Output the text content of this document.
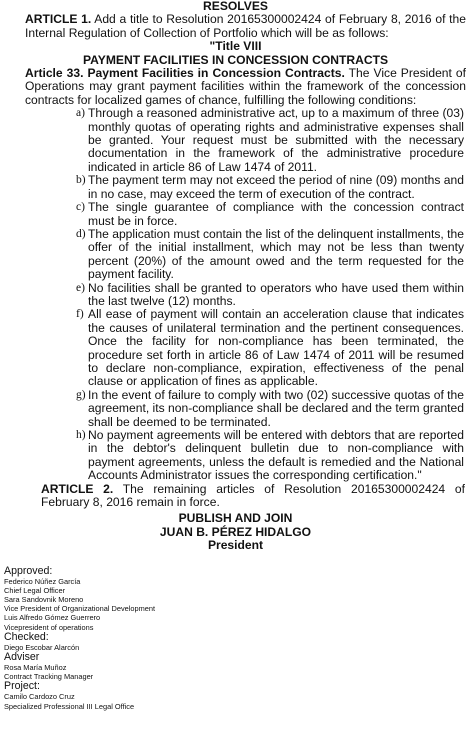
RESOLVES

ARTICLE 1. Add a title to Resolution 20165300002424 of February 8, 2016 of the Internal Regulation of Collection of Portfolio which will be as follows:

"Title VIII

PAYMENT FACILITIES IN CONCESSION CONTRACTS

Article 33. Payment Facilities in Concession Contracts. The Vice President of Operations may grant payment facilities within the framework of the concession contracts for localized games of chance, fulfilling the following conditions:

a) Through a reasoned administrative act, up to a maximum of three (03) monthly quotas of operating rights and administrative expenses shall be granted. Your request must be submitted with the necessary documentation in the framework of the administrative procedure indicated in article 86 of Law 1474 of 2011.
b) The payment term may not exceed the period of nine (09) months and in no case, may exceed the term of execution of the contract.
c) The single guarantee of compliance with the concession contract must be in force.
d) The application must contain the list of the delinquent installments, the offer of the initial installment, which may not be less than twenty percent (20%) of the amount owed and the term requested for the payment facility.
e) No facilities shall be granted to operators who have used them within the last twelve (12) months.
f) All ease of payment will contain an acceleration clause that indicates the causes of unilateral termination and the pertinent consequences. Once the facility for non-compliance has been terminated, the procedure set forth in article 86 of Law 1474 of 2011 will be resumed to declare non-compliance, expiration, effectiveness of the penal clause or application of fines as applicable.
g) In the event of failure to comply with two (02) successive quotas of the agreement, its non-compliance shall be declared and the term granted shall be deemed to be terminated.
h) No payment agreements will be entered with debtors that are reported in the debtor's delinquent bulletin due to non-compliance with payment agreements, unless the default is remedied and the National Accounts Administrator issues the corresponding certification."

ARTICLE 2. The remaining articles of Resolution 20165300002424 of February 8, 2016 remain in force.

PUBLISH AND JOIN

JUAN B. PÉREZ HIDALGO

President

Approved:
Federico Núñez García
Chief Legal Officer
Sara Sandovnik Moreno
Vice President of Organizational Development
Luis Alfredo Gómez Guerrero
Vicepresident of operations
Checked:
Diego Escobar Alarcón
Adviser
Rosa María Muñoz
Contract Tracking Manager
Project:
Camilo Cardozo Cruz
Specialized Professional III Legal Office
